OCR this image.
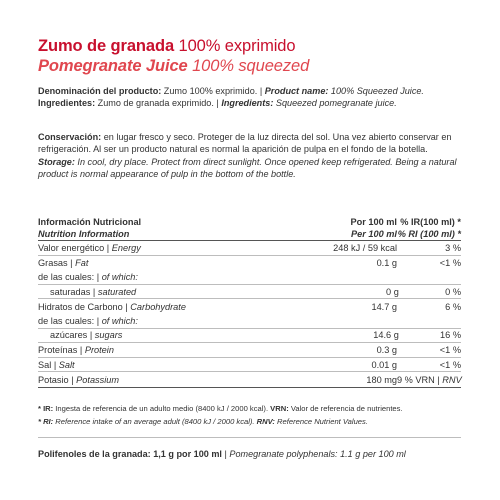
Zumo de granada 100% exprimido
Pomegranate Juice 100% squeezed
Denominación del producto: Zumo 100% exprimido. | Product name: 100% Squeezed Juice.
Ingredientes: Zumo de granada exprimido. | Ingredients: Squeezed pomegranate juice.
Conservación: en lugar fresco y seco. Proteger de la luz directa del sol. Una vez abierto conservar en refrigeración. Al ser un producto natural es normal la aparición de pulpa en el fondo de la botella. Storage: In cool, dry place. Protect from direct sunlight. Once opened keep refrigerated. Being a natural product is normal appearance of pulp in the bottom of the bottle.
Información Nutricional	Por 100 ml % IR(100 ml) *
Nutrition Information	Per 100 ml % RI (100 ml) *
Valor energético | Energy	248 kJ / 59 kcal	3 %
Grasas | Fat	0.1 g	<1 %
de las cuales: | of which:
saturadas | saturated	0 g	0 %
Hidratos de Carbono | Carbohydrate	14.7 g	6 %
de las cuales: | of which:
azúcares | sugars	14.6 g	16 %
Proteínas | Protein	0.3 g	<1 %
Sal | Salt	0.01 g	<1 %
Potasio | Potassium	180 mg 9 % VRN | RNV
* IR: Ingesta de referencia de un adulto medio (8400 kJ / 2000 kcal). VRN: Valor de referencia de nutrientes.
* RI: Reference intake of an average adult (8400 kJ / 2000 kcal). RNV: Reference Nutrient Values.
Polifenoles de la granada: 1,1 g por 100 ml | Pomegranate polyphenals: 1.1 g per 100 ml
